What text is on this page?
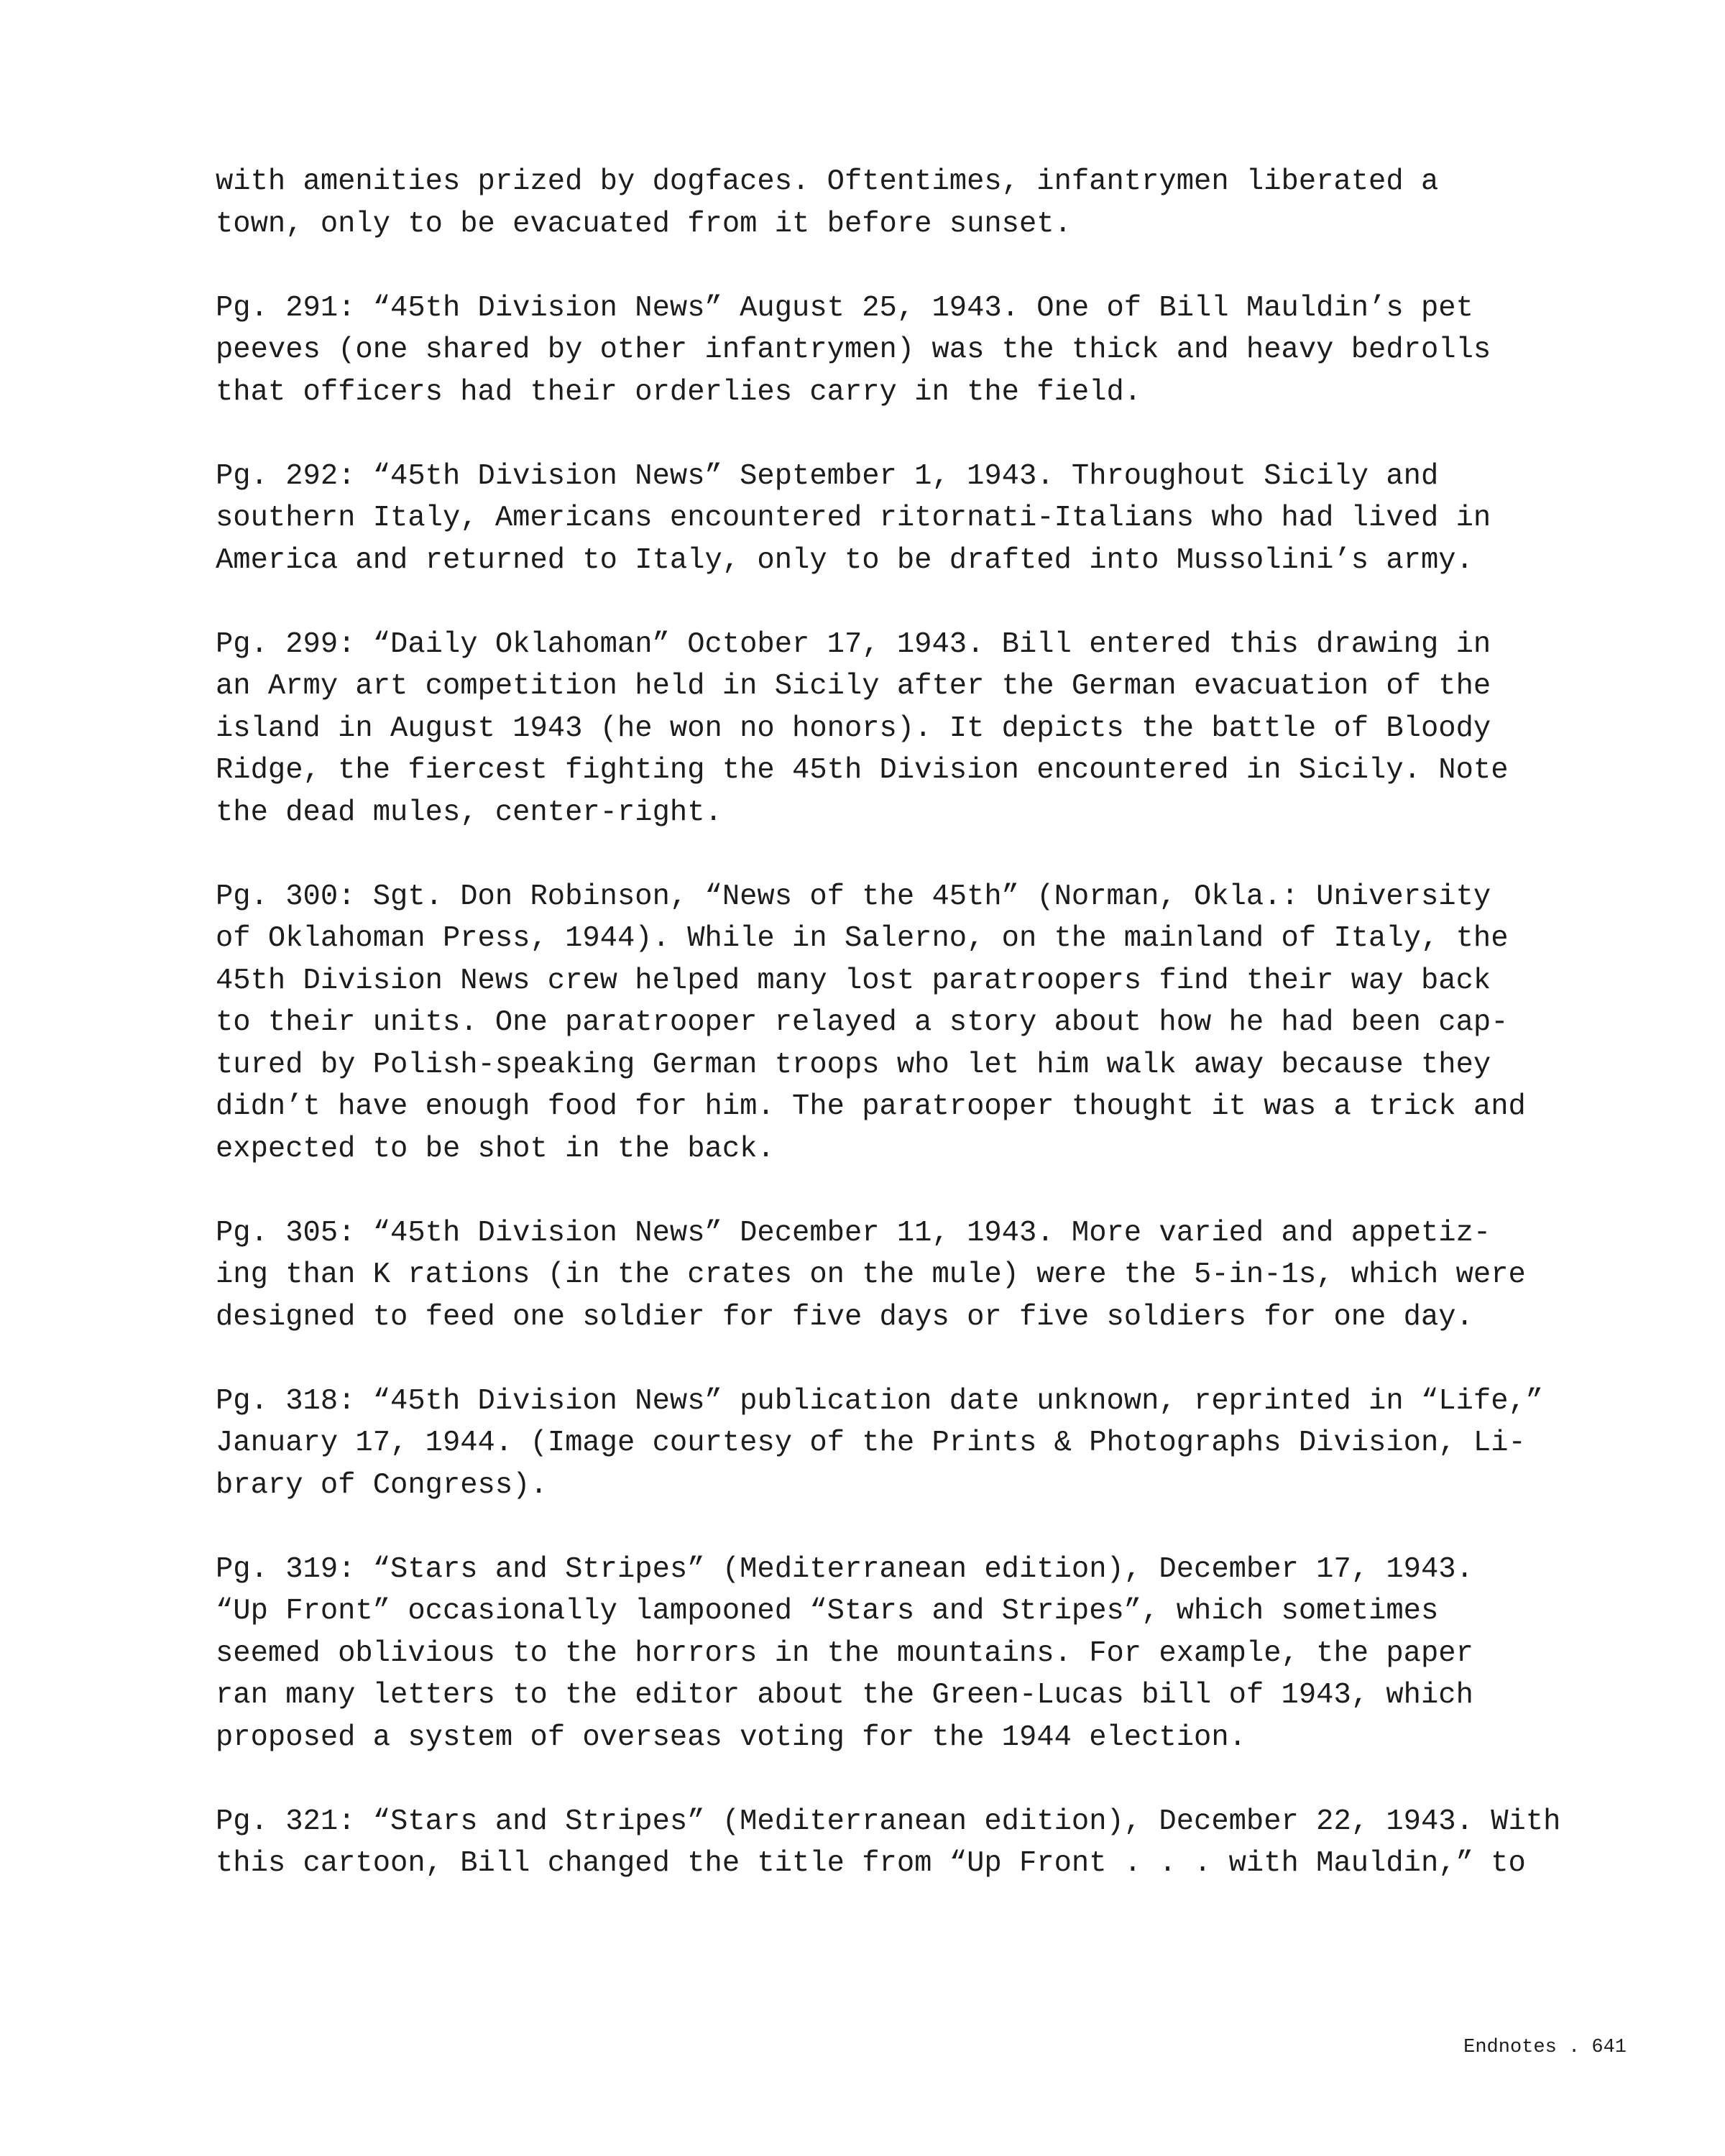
with amenities prized by dogfaces. Oftentimes, infantrymen liberated a
town, only to be evacuated from it before sunset.
Pg. 291: “45th Division News” August 25, 1943. One of Bill Mauldin’s pet
peeves (one shared by other infantrymen) was the thick and heavy bedrolls
that officers had their orderlies carry in the field.
Pg. 292: “45th Division News” September 1, 1943. Throughout Sicily and
southern Italy, Americans encountered ritornati-Italians who had lived in
America and returned to Italy, only to be drafted into Mussolini’s army.
Pg. 299: “Daily Oklahoman” October 17, 1943. Bill entered this drawing in
an Army art competition held in Sicily after the German evacuation of the
island in August 1943 (he won no honors). It depicts the battle of Bloody
Ridge, the fiercest fighting the 45th Division encountered in Sicily. Note
the dead mules, center-right.
Pg. 300: Sgt. Don Robinson, “News of the 45th” (Norman, Okla.: University
of Oklahoman Press, 1944). While in Salerno, on the mainland of Italy, the
45th Division News crew helped many lost paratroopers find their way back
to their units. One paratrooper relayed a story about how he had been cap-
tured by Polish-speaking German troops who let him walk away because they
didn’t have enough food for him. The paratrooper thought it was a trick and
expected to be shot in the back.
Pg. 305: “45th Division News” December 11, 1943. More varied and appetiz-
ing than K rations (in the crates on the mule) were the 5-in-1s, which were
designed to feed one soldier for five days or five soldiers for one day.
Pg. 318: “45th Division News” publication date unknown, reprinted in “Life,”
January 17, 1944. (Image courtesy of the Prints & Photographs Division, Li-
brary of Congress).
Pg. 319: “Stars and Stripes” (Mediterranean edition), December 17, 1943.
“Up Front” occasionally lampooned “Stars and Stripes”, which sometimes
seemed oblivious to the horrors in the mountains. For example, the paper
ran many letters to the editor about the Green-Lucas bill of 1943, which
proposed a system of overseas voting for the 1944 election.
Pg. 321: “Stars and Stripes” (Mediterranean edition), December 22, 1943. With
this cartoon, Bill changed the title from “Up Front . . . with Mauldin,” to
Endnotes . 641
